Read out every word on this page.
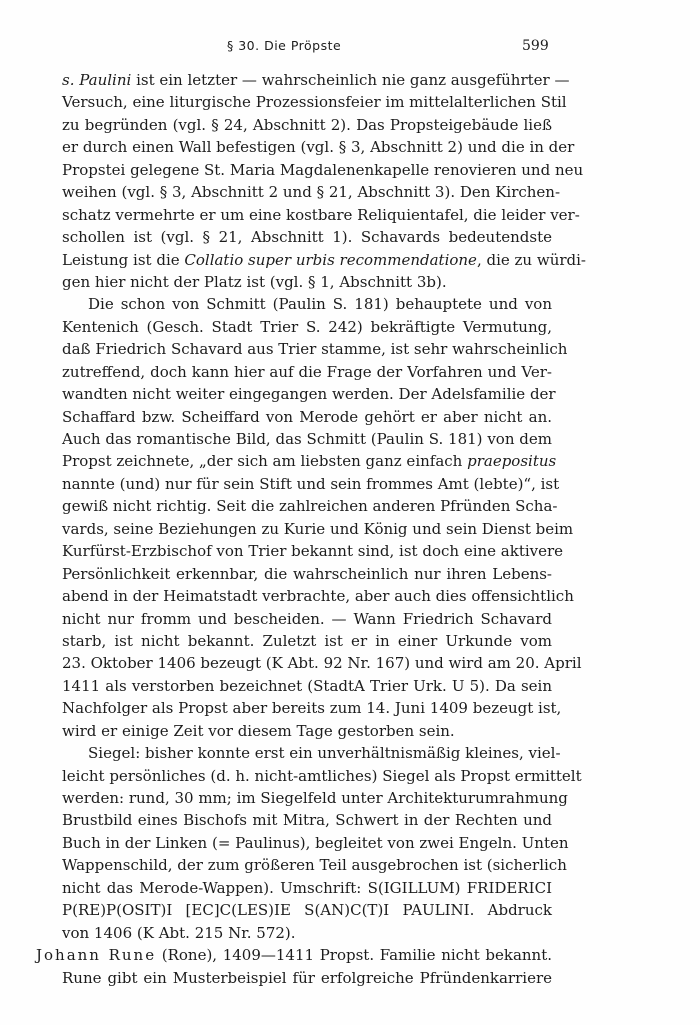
§ 30. Die Pröpste	599
s. Paulini ist ein letzter — wahrscheinlich nie ganz ausgeführter —
Versuch, eine liturgische Prozessionsfeier im mittelalterlichen Stil
zu begründen (vgl. § 24, Abschnitt 2). Das Propsteigebäude ließ
er durch einen Wall befestigen (vgl. § 3, Abschnitt 2) und die in der
Propstei gelegene St. Maria Magdalenenkapelle renovieren und neu
weihen (vgl. § 3, Abschnitt 2 und § 21, Abschnitt 3). Den Kirchen-
schatz vermehrte er um eine kostbare Reliquientafel, die leider ver-
schollen ist (vgl. § 21, Abschnitt 1). Schavards bedeutendste
Leistung ist die Collatio super urbis recommendatione, die zu würdi-
gen hier nicht der Platz ist (vgl. § 1, Abschnitt 3b).
Die schon von Schmitt (Paulin S. 181) behauptete und von
Kentenich (Gesch. Stadt Trier S. 242) bekräftigte Vermutung,
daß Friedrich Schavard aus Trier stamme, ist sehr wahrscheinlich
zutreffend, doch kann hier auf die Frage der Vorfahren und Ver-
wandten nicht weiter eingegangen werden. Der Adelsfamilie der
Schaffard bzw. Scheiffard von Merode gehört er aber nicht an.
Auch das romantische Bild, das Schmitt (Paulin S. 181) von dem
Propst zeichnete, „der sich am liebsten ganz einfach praepositus
nannte (und) nur für sein Stift und sein frommes Amt (lebte)“, ist
gewiß nicht richtig. Seit die zahlreichen anderen Pfründen Scha-
vards, seine Beziehungen zu Kurie und König und sein Dienst beim
Kurfürst-Erzbischof von Trier bekannt sind, ist doch eine aktivere
Persönlichkeit erkennbar, die wahrscheinlich nur ihren Lebens-
abend in der Heimatstadt verbrachte, aber auch dies offensichtlich
nicht nur fromm und bescheiden. — Wann Friedrich Schavard
starb, ist nicht bekannt. Zuletzt ist er in einer Urkunde vom
23. Oktober 1406 bezeugt (K Abt. 92 Nr. 167) und wird am 20. April
1411 als verstorben bezeichnet (StadtA Trier Urk. U 5). Da sein
Nachfolger als Propst aber bereits zum 14. Juni 1409 bezeugt ist,
wird er einige Zeit vor diesem Tage gestorben sein.
Siegel: bisher konnte erst ein unverhältnismäßig kleines, viel-
leicht persönliches (d. h. nicht-amtliches) Siegel als Propst ermittelt
werden: rund, 30 mm; im Siegelfeld unter Architekturumrahmung
Brustbild eines Bischofs mit Mitra, Schwert in der Rechten und
Buch in der Linken (= Paulinus), begleitet von zwei Engeln. Unten
Wappenschild, der zum größeren Teil ausgebrochen ist (sicherlich
nicht das Merode-Wappen). Umschrift: S(IGILLUM) FRIDERICI
P(RE)P(OSIT)I [EC]C(LES)IE S(AN)C(T)I PAULINI. Abdruck
von 1406 (K Abt. 215 Nr. 572).
Johann Rune (Rone), 1409—1411 Propst. Familie nicht bekannt.
Rune gibt ein Musterbeispiel für erfolgreiche Pfründenkarriere
